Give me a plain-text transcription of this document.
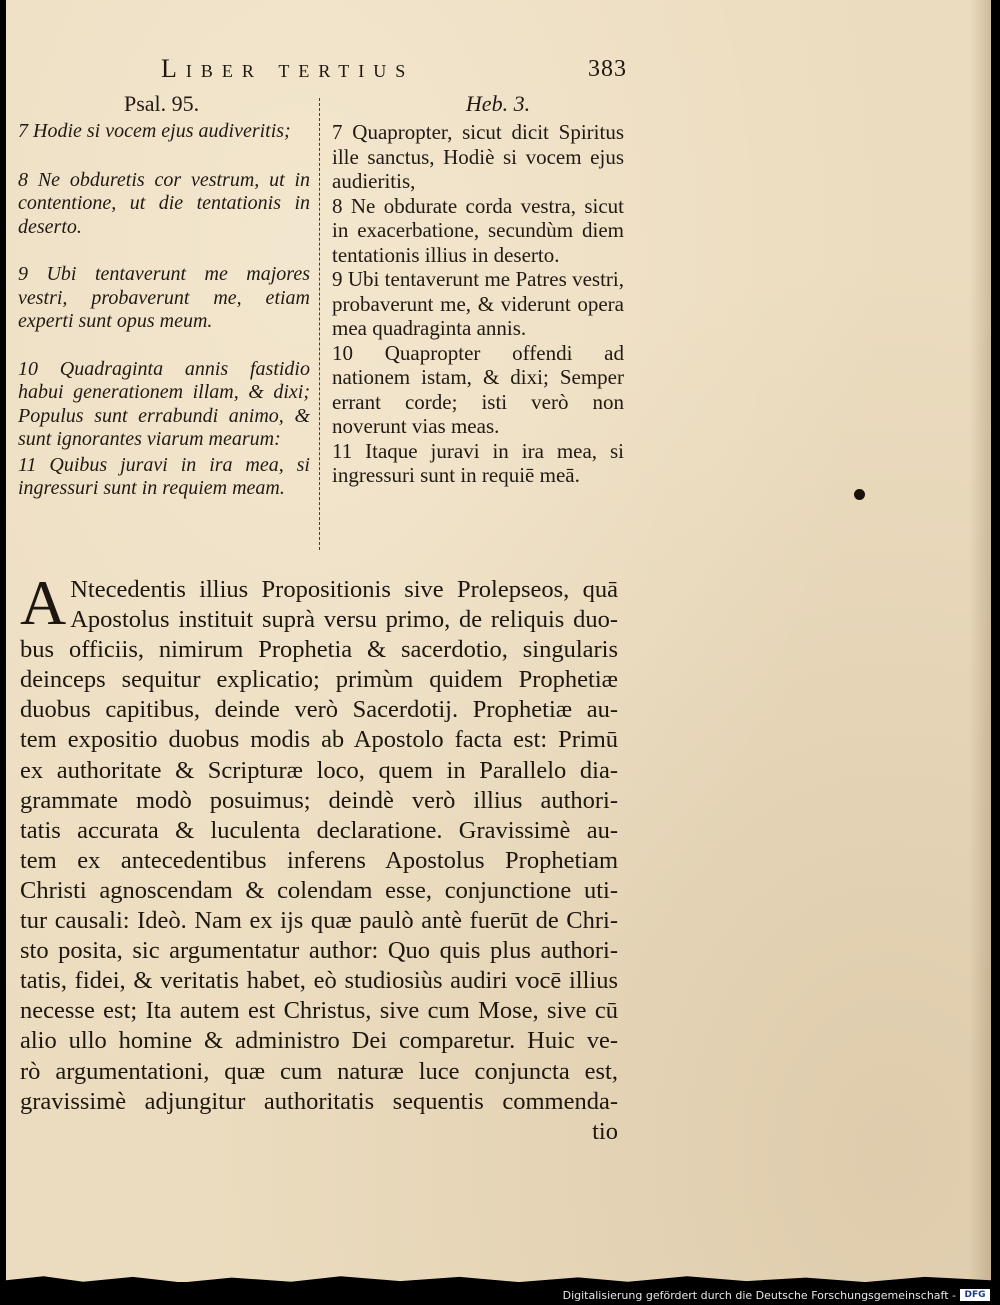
Liber tertius	383
Psal. 95.

7 Hodie si vocem ejus audiveritis;

8 Ne obduretis cor vestrum, ut in contentione, ut die tentationis in deserto.

9 Ubi tentaverunt me majores vestri, probaverunt me, etiam experti sunt opus meum.

10 Quadraginta annis fastidio habui generationem illam, & dixi; Populus sunt errabundi animo, & sunt ignorantes viarum mearum:

11 Quibus juravi in ira mea, si ingressuri sunt in requiem meam.

Heb. 3.

7 Quapropter, sicut dicit Spiritus ille sanctus, Hodiè si vocem ejus audieritis,

8 Ne obdurate corda vestra, sicut in exacerbatione, secundùm diem tentationis illius in deserto.

9 Ubi tentaverunt me Patres vestri, probaverunt me, & viderunt opera mea quadraginta annis.

10 Quapropter offendi ad nationem istam, & dixi; Semper errant corde; isti verò non noverunt vias meas.

11 Itaque juravi in ira mea, si ingressuri sunt in requiē meā.

A Ntecedentis illius Propositionis sive Prolepseos, quā
Apostolus instituit suprà versu primo, de reliquis duo-
bus officiis, nimirum Prophetia & sacerdotio, singularis
deinceps sequitur explicatio; primùm quidem Prophetiæ
duobus capitibus, deinde verò Sacerdotij. Prophetiæ au-
tem expositio duobus modis ab Apostolo facta est: Primū
ex authoritate & Scripturæ loco, quem in Parallelo dia-
grammate modò posuimus; deindè verò illius authori-
tatis accurata & luculenta declaratione. Gravissimè au-
tem ex antecedentibus inferens Apostolus Prophetiam
Christi agnoscendam & colendam esse, conjunctione uti-
tur causali: Ideò. Nam ex ijs quæ paulò antè fuerūt de Chri-
sto posita, sic argumentatur author: Quo quis plus authori-
tatis, fidei, & veritatis habet, eò studiosiùs audiri vocē illius
necesse est; Ita autem est Christus, sive cum Mose, sive cū
alio ullo homine & administro Dei comparetur. Huic ve-
rò argumentationi, quæ cum naturæ luce conjuncta est,
gravissimè adjungitur authoritatis sequentis commenda-
tio
Digitalisierung gefördert durch die Deutsche Forschungsgemeinschaft - DFG
